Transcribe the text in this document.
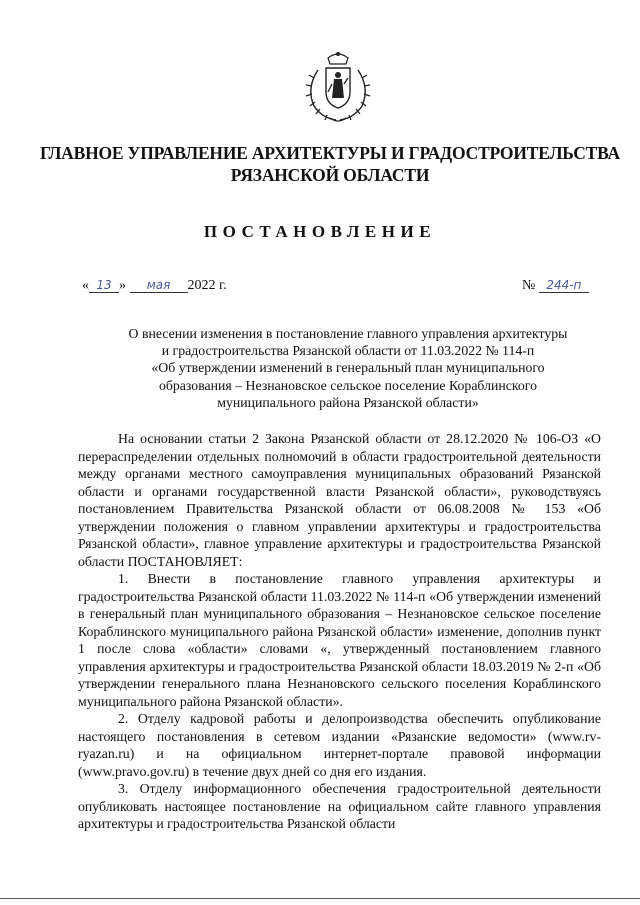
ГЛАВНОЕ УПРАВЛЕНИЕ АРХИТЕКТУРЫ И ГРАДОСТРОИТЕЛЬСТВА
РЯЗАНСКОЙ ОБЛАСТИ
ПОСТАНОВЛЕНИЕ
« 13 » мая 2022 г.	№ 244-п
О внесении изменения в постановление главного управления архитектуры
и градостроительства Рязанской области от 11.03.2022 № 114-п
«Об утверждении изменений в генеральный план муниципального
образования – Незнановское сельское поселение Кораблинского
муниципального района Рязанской области»

На основании статьи 2 Закона Рязанской области от 28.12.2020 № 106-ОЗ «О перераспределении отдельных полномочий в области градостроительной деятельности между органами местного самоуправления муниципальных образований Рязанской области и органами государственной власти Рязанской области», руководствуясь постановлением Правительства Рязанской области от 06.08.2008 № 153 «Об утверждении положения о главном управлении архитектуры и градостроительства Рязанской области», главное управление архитектуры и градостроительства Рязанской области ПОСТАНОВЛЯЕТ:

1. Внести в постановление главного управления архитектуры и градостроительства Рязанской области 11.03.2022 № 114-п «Об утверждении изменений в генеральный план муниципального образования – Незнановское сельское поселение Кораблинского муниципального района Рязанской области» изменение, дополнив пункт 1 после слова «области» словами «, утвержденный постановлением главного управления архитектуры и градостроительства Рязанской области 18.03.2019 № 2-п «Об утверждении генерального плана Незнановского сельского поселения Кораблинского муниципального района Рязанской области».

2. Отделу кадровой работы и делопроизводства обеспечить опубликование настоящего постановления в сетевом издании «Рязанские ведомости» (www.rv-ryazan.ru) и на официальном интернет-портале правовой информации (www.pravo.gov.ru) в течение двух дней со дня его издания.

3. Отделу информационного обеспечения градостроительной деятельности опубликовать настоящее постановление на официальном сайте главного управления архитектуры и градостроительства Рязанской области
